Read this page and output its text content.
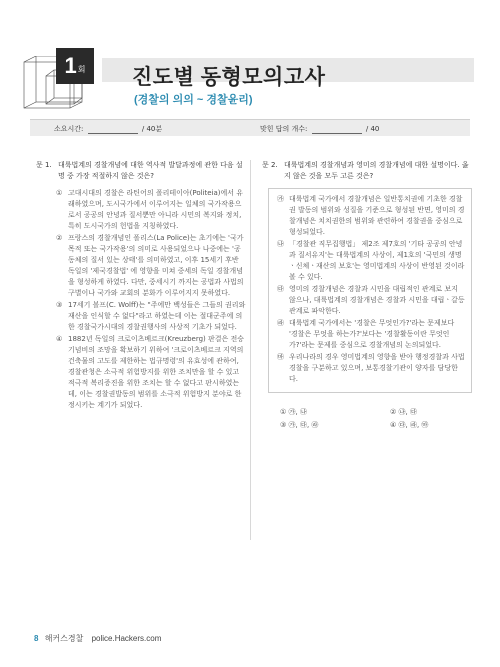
1 회 진도별 동형모의고사
(경찰의 의의 ~ 경찰윤리)
소요시간:	/ 40분	맞힌 답의 개수:	/ 40
문 1. 대륙법계의 경찰개념에 대한 역사적 발달과정에 관한 다음 설명 중 가장 적절하지 않은 것은?
① 고대시대의 경찰은 라틴어의 폴리테이아(Politeia)에서 유래하였으며, 도시국가에서 이루어지는 일체의 국가작용으로서 공공의 안녕과 질서뿐만 아니라 시민의 복지와 정치, 특히 도시국가의 헌법을 지칭하였다.
② 프랑스의 경찰개념인 폴리스(La Police)는 초기에는 '국가목적 또는 국가작용'의 의미로 사용되었으나 나중에는 '공동체의 질서 있는 상태'를 의미하였고, 이후 15세기 후반 독일의 '제국경찰법' 에 영향을 미쳐 중세의 독일 경찰개념을 형성하게 하였다. 다만, 중세시기 까지는 공법과 사법의 구별이나 국가와 교회의 분화가 이루어지지 못하였다.
③ 17세기 볼프(C. Wolff)는 "주에만 백성들은 그들의 권리와 재산을 인식할 수 없다"라고 하였는데 이는 절대군주에 의한 경찰국가시대의 경찰권행사의 사상적 기초가 되었다.
④ 1882년 독일의 크로이츠베르크(Kreuzberg) 판결은 전승기념비의 조망을 확보하기 위하여 '크로이츠베르크 지역의 건축물의 고도를 제한하는 법규명령'의 유효성에 관하여, 경찰관청은 소극적 위험방지를 위한 조치만을 할 수 있고 적극적 복리증진을 위한 조치는 할 수 없다고 판시하였는데, 이는 경찰권발동의 범위를 소극적 위험방지 분야로 한정시키는 계기가 되었다.
문 2. 대륙법계의 경찰개념과 영미의 경찰개념에 대한 설명이다. 옳지 않은 것을 모두 고른 것은?
㉮ 대륙법계 국가에서 경찰개념은 일반통치권에 기초한 경찰권 발동의 범위와 성질을 기준으로 형성된 반면, 영미의 경찰개념은 치치권한의 범위와 관련하여 경찰권을 중심으로 형성되었다.
㉯ 「경찰관 직무집행법」 제2조 제7호의 '기타 공공의 안녕과 질서유지'는 대륙법계의 사상이, 제1호의 '국민의 생명ㆍ신체ㆍ재산의 보호'는 영미법계의 사상이 반영된 것이라 볼 수 있다.
㉰ 영미의 경찰개념은 경찰과 시민을 대립적인 관계로 보지 않으나, 대륙법계의 경찰개념은 경찰과 시민을 대립ㆍ갈등관계로 파악한다.
㉱ 대륙법계 국가에서는 '경찰은 무엇인가?'라는 문제보다 '경찰은 무엇을 하는가?'보다는 '경찰활동이란 무엇인가?'라는 문제를 중심으로 경찰개념의 논의되었다.
㉲ 우리나라의 경우 영미법계의 영향을 받아 행정경찰과 사법경찰을 구분하고 있으며, 보통경찰기관이 양자를 담당한다.
① ㉮, ㉯	② ㉯, ㉰
③ ㉮, ㉰, ㉱	④ ㉰, ㉱, ㉲
8 해커스경찰 police.Hackers.com
